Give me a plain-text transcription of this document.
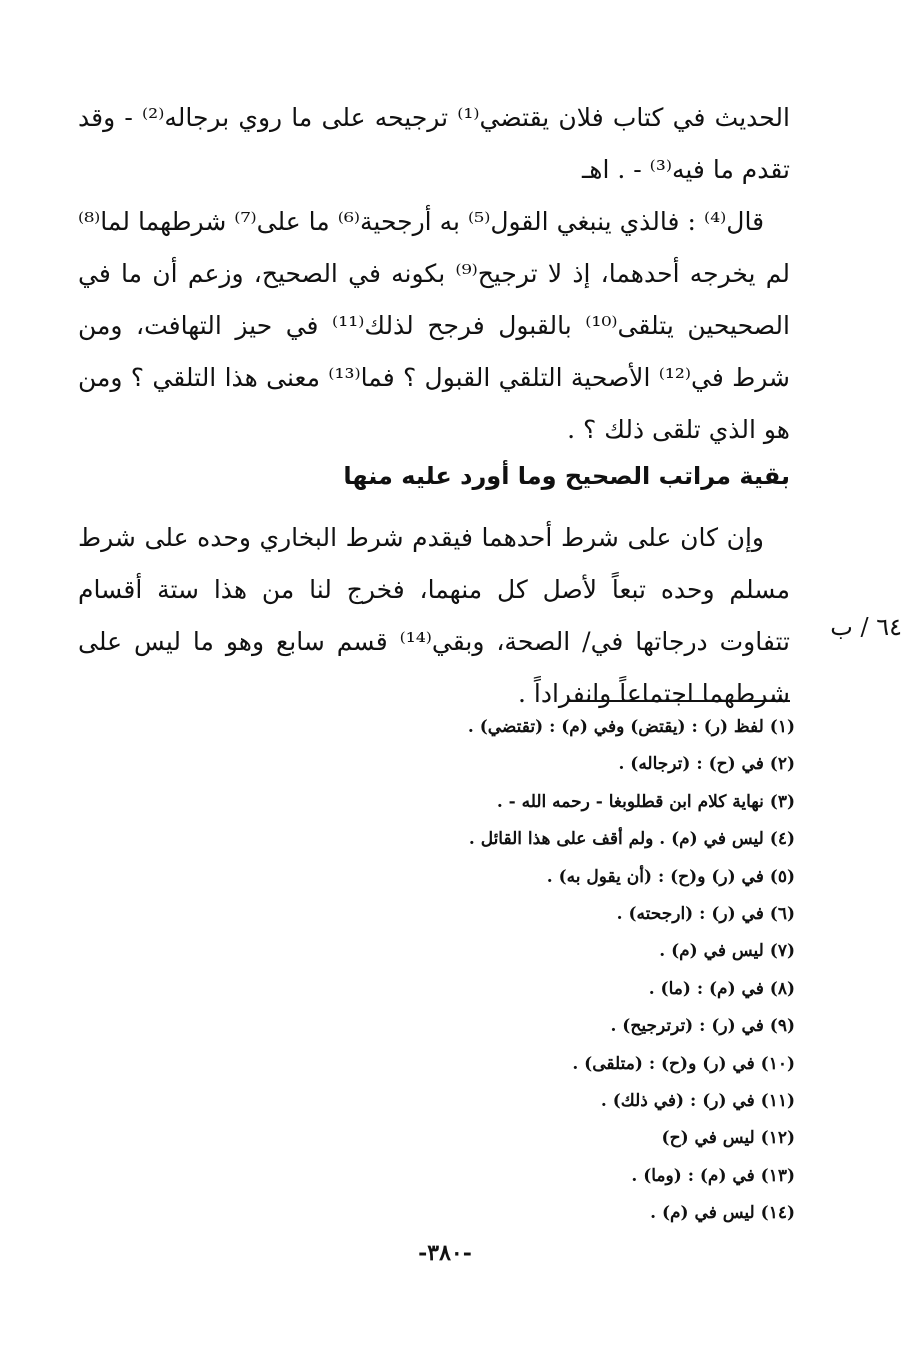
الحديث في كتاب فلان يقتضي⁽¹⁾ ترجيحه على ما روي برجاله⁽²⁾ - وقد تقدم ما فيه⁽³⁾ - . اهـ

قال⁽⁴⁾ : فالذي ينبغي القول⁽⁵⁾ به أرجحية⁽⁶⁾ ما على⁽⁷⁾ شرطهما لما⁽⁸⁾ لم يخرجه أحدهما، إذ لا ترجيح⁽⁹⁾ بكونه في الصحيح، وزعم أن ما في الصحيحين يتلقى⁽¹⁰⁾ بالقبول فرجح لذلك⁽¹¹⁾ في حيز التهافت، ومن شرط في⁽¹²⁾ الأصحية التلقي القبول ؟ فما⁽¹³⁾ معنى هذا التلقي ؟ ومن هو الذي تلقى ذلك ؟ .

بقية مراتب الصحيح وما أورد عليه منها

وإن كان على شرط أحدهما فيقدم شرط البخاري وحده على شرط مسلم وحده تبعاً لأصل كل منهما، فخرج لنا من هذا ستة أقسام تتفاوت درجاتها في/ الصحة، وبقي⁽¹⁴⁾ قسم سابع وهو ما ليس على شرطهما اجتماعاً وانفراداً .

٦٤ / ب
(١) لفظ (ر) : (يقتض) وفي (م) : (تقتضي) .
(٢) في (ح) : (ترجاله) .
(٣) نهاية كلام ابن قطلوبغا - رحمه الله - .
(٤) ليس في (م) . ولم أقف على هذا القائل .
(٥) في (ر) و(ح) : (أن يقول به) .
(٦) في (ر) : (ارجحته) .
(٧) ليس في (م) .
(٨) في (م) : (ما) .
(٩) في (ر) : (ترترجيح) .
(١٠) في (ر) و(ح) : (متلقى) .
(١١) في (ر) : (في ذلك) .
(١٢) ليس في (ح)
(١٣) في (م) : (وما) .
(١٤) ليس في (م) .
-٣٨٠-
